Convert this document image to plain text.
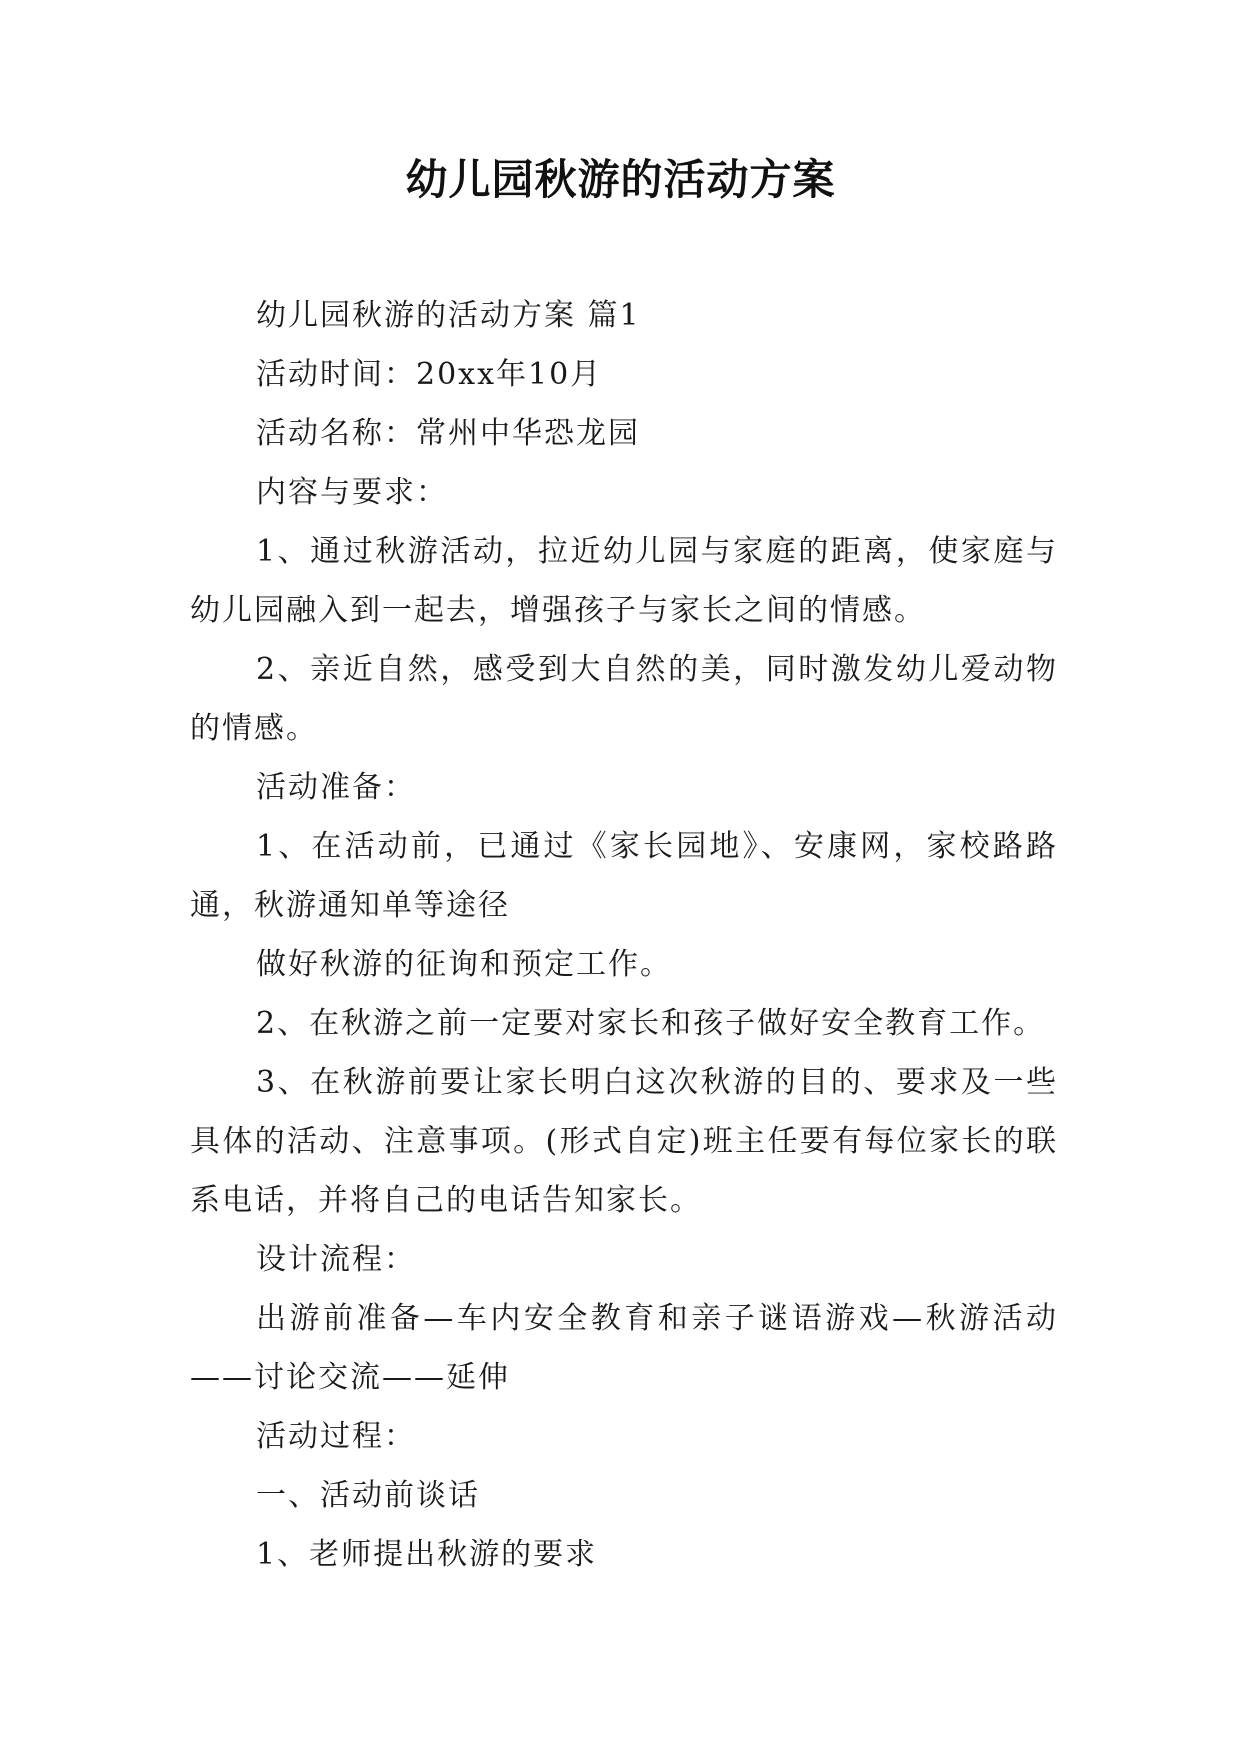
幼儿园秋游的活动方案

幼儿园秋游的活动方案 篇1

活动时间：20xx年10月

活动名称：常州中华恐龙园

内容与要求：

1、通过秋游活动，拉近幼儿园与家庭的距离，使家庭与幼儿园融入到一起去，增强孩子与家长之间的情感。

2、亲近自然，感受到大自然的美，同时激发幼儿爱动物的情感。

活动准备：

1、在活动前，已通过《家长园地》、安康网，家校路路通，秋游通知单等途径

做好秋游的征询和预定工作。

2、在秋游之前一定要对家长和孩子做好安全教育工作。

3、在秋游前要让家长明白这次秋游的目的、要求及一些具体的活动、注意事项。(形式自定)班主任要有每位家长的联系电话，并将自己的电话告知家长。

设计流程：

出游前准备—车内安全教育和亲子谜语游戏—秋游活动——讨论交流——延伸

活动过程：

一、活动前谈话

1、老师提出秋游的要求
